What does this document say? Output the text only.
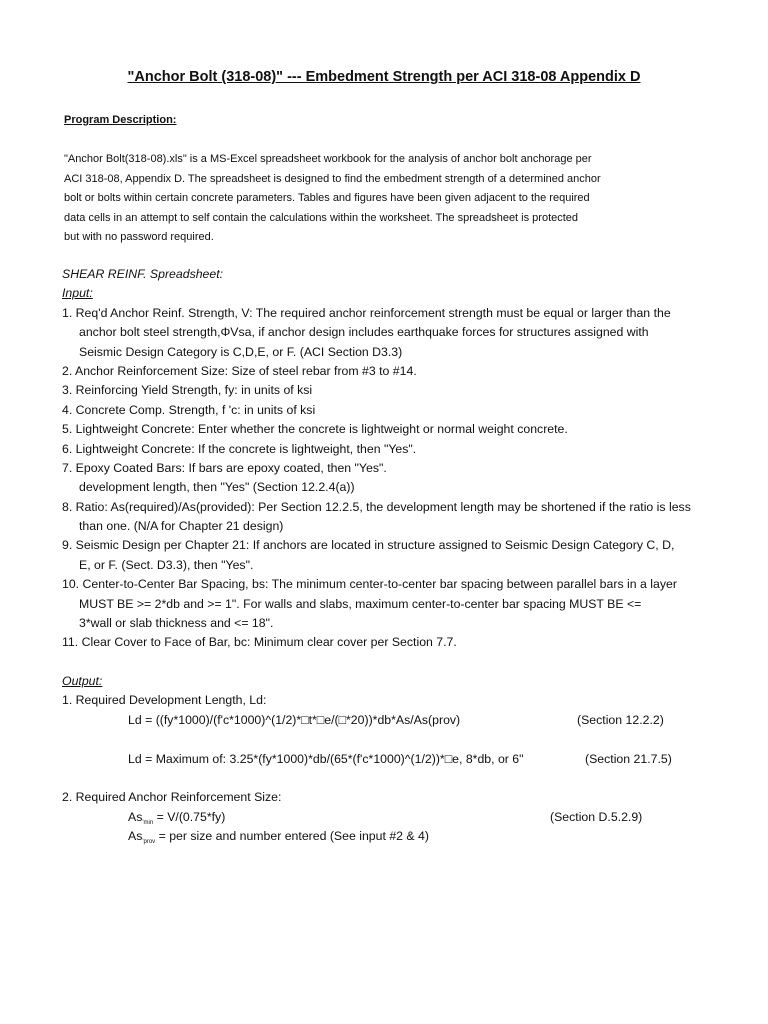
"Anchor Bolt (318-08)" --- Embedment Strength per ACI 318-08 Appendix D
Program Description:
"Anchor Bolt(318-08).xls" is a MS-Excel spreadsheet workbook for the analysis of anchor bolt anchorage per
ACI 318-08, Appendix D. The spreadsheet is designed to find the embedment strength of a determined anchor
bolt or bolts within certain concrete parameters. Tables and figures have been given adjacent to the required
data cells in an attempt to self contain the calculations within the worksheet. The spreadsheet is protected
but with no password required.
SHEAR REINF. Spreadsheet:
Input:
1. Req'd Anchor Reinf. Strength, V: The required anchor reinforcement strength must be equal or larger than the
anchor bolt steel strength,ΦVsa, if anchor design includes earthquake forces for structures assigned with
Seismic Design Category is C,D,E, or F. (ACI Section D3.3)
2. Anchor Reinforcement Size: Size of steel rebar from #3 to #14.
3. Reinforcing Yield Strength, fy: in units of ksi
4. Concrete Comp. Strength, f 'c: in units of ksi
5. Lightweight Concrete: Enter whether the concrete is lightweight or normal weight concrete.
6. Lightweight Concrete: If the concrete is lightweight, then "Yes".
7. Epoxy Coated Bars: If bars are epoxy coated, then "Yes".
development length, then "Yes" (Section 12.2.4(a))
8. Ratio: As(required)/As(provided): Per Section 12.2.5, the development length may be shortened if the ratio is less
than one. (N/A for Chapter 21 design)
9. Seismic Design per Chapter 21: If anchors are located in structure assigned to Seismic Design Category C, D,
E, or F. (Sect. D3.3), then "Yes".
10. Center-to-Center Bar Spacing, bs: The minimum center-to-center bar spacing between parallel bars in a layer
MUST BE >= 2*db and >= 1". For walls and slabs, maximum center-to-center bar spacing MUST BE <=
3*wall or slab thickness and <= 18".
11. Clear Cover to Face of Bar, bc: Minimum clear cover per Section 7.7.
Output:
1. Required Development Length, Ld:
Ld = ((fy*1000)/(f'c*1000)^(1/2)*□t*□e/(□*20))*db*As/As(prov)	(Section 12.2.2)
Ld = Maximum of: 3.25*(fy*1000)*db/(65*(f'c*1000)^(1/2))*□e, 8*db, or 6"	(Section 21.7.5)
2. Required Anchor Reinforcement Size:
$As_{'min} = V/(0.75*fy)$	(Section D.5.2.9)
$As_{'prov}$ = per size and number entered (See input #2 & 4)
